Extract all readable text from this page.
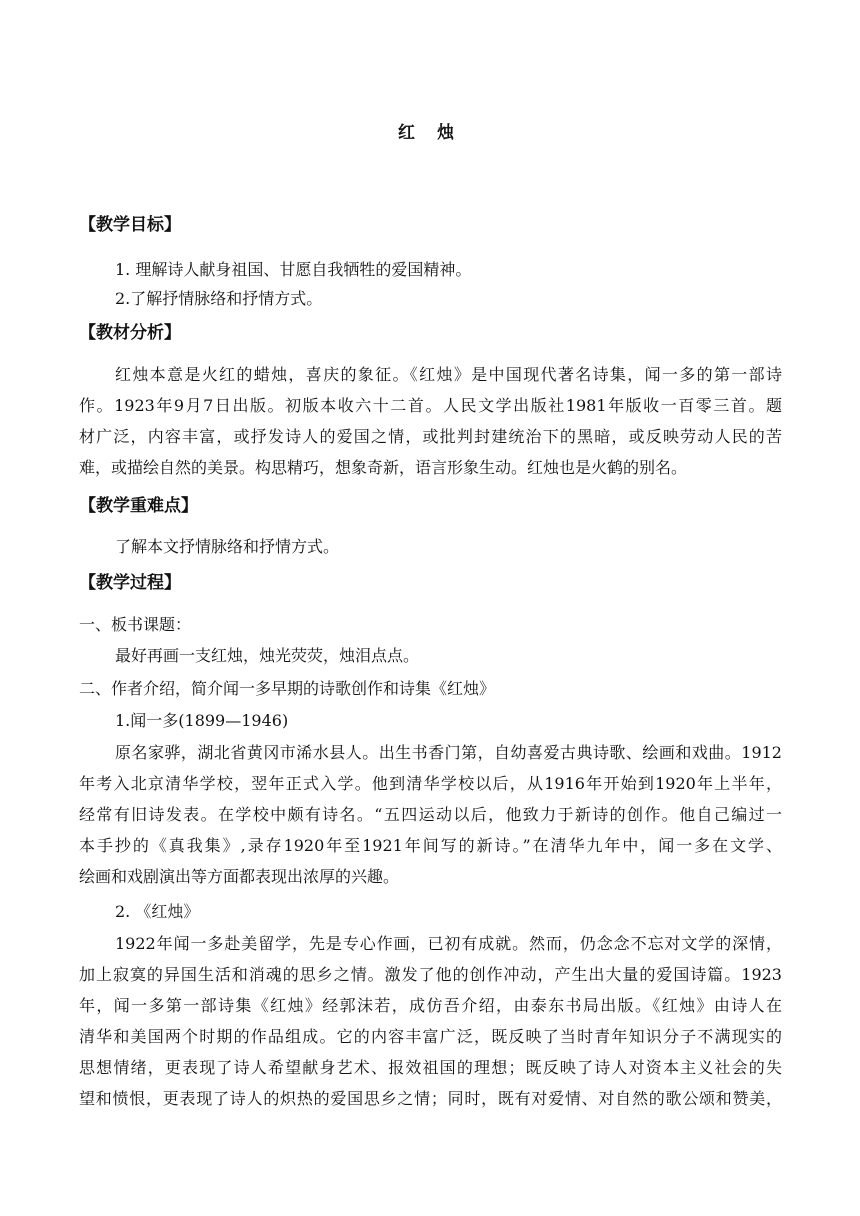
红 烛
【教学目标】
1. 理解诗人献身祖国、甘愿自我牺牲的爱国精神。
2.了解抒情脉络和抒情方式。
【教材分析】
红烛本意是火红的蜡烛，喜庆的象征。《红烛》是中国现代著名诗集，闻一多的第一部诗
作。1923年9月7日出版。初版本收六十二首。人民文学出版社1981年版收一百零三首。题
材广泛，内容丰富，或抒发诗人的爱国之情，或批判封建统治下的黑暗，或反映劳动人民的苦
难，或描绘自然的美景。构思精巧，想象奇新，语言形象生动。红烛也是火鹤的别名。
【教学重难点】
了解本文抒情脉络和抒情方式。
【教学过程】
一、板书课题：
最好再画一支红烛，烛光荧荧，烛泪点点。
二、作者介绍，简介闻一多早期的诗歌创作和诗集《红烛》
1.闻一多(1899—1946)
原名家骅，湖北省黄冈市浠水县人。出生书香门第，自幼喜爱古典诗歌、绘画和戏曲。1912
年考入北京清华学校，翌年正式入学。他到清华学校以后，从1916年开始到1920年上半年，
经常有旧诗发表。在学校中颇有诗名。“五四运动以后，他致力于新诗的创作。他自己编过一
本手抄的《真我集》,录存1920年至1921年间写的新诗。”在清华九年中，闻一多在文学、
绘画和戏剧演出等方面都表现出浓厚的兴趣。
2. 《红烛》
1922年闻一多赴美留学，先是专心作画，已初有成就。然而，仍念念不忘对文学的深情，
加上寂寞的异国生活和消魂的思乡之情。激发了他的创作冲动，产生出大量的爱国诗篇。1923
年，闻一多第一部诗集《红烛》经郭沫若，成仿吾介绍，由泰东书局出版。《红烛》由诗人在
清华和美国两个时期的作品组成。它的内容丰富广泛，既反映了当时青年知识分子不满现实的
思想情绪，更表现了诗人希望献身艺术、报效祖国的理想；既反映了诗人对资本主义社会的失
望和愤恨，更表现了诗人的炽热的爱国思乡之情；同时，既有对爱情、对自然的歌公颂和赞美，
